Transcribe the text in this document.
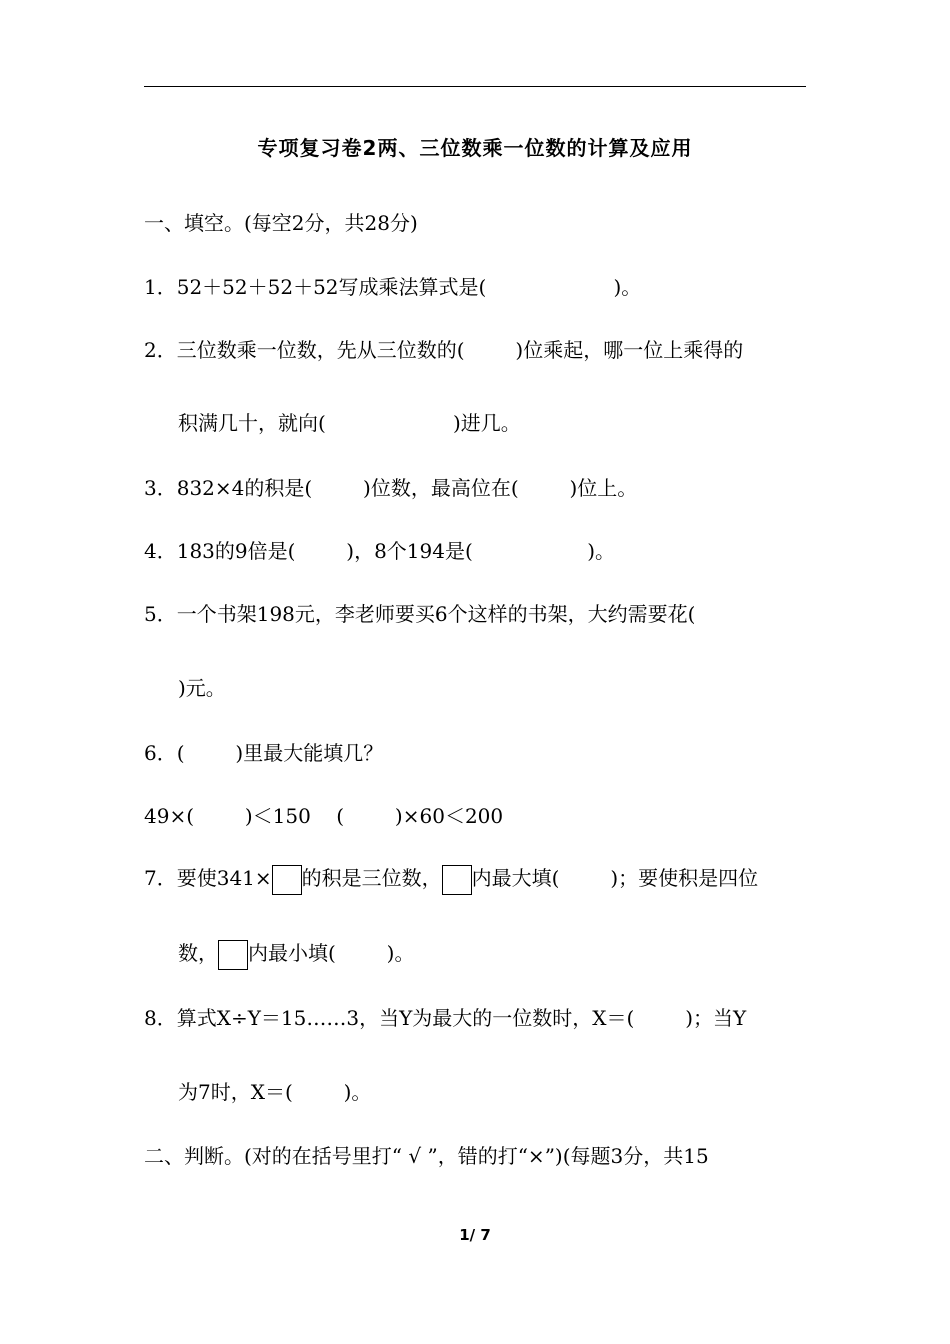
专项复习卷2两、三位数乘一位数的计算及应用
一、填空。(每空2分，共28分)
1．52＋52＋52＋52写成乘法算式是(                    )。
2．三位数乘一位数，先从三位数的(        )位乘起，哪一位上乘得的
积满几十，就向(                    )进几。
3．832×4的积是(        )位数，最高位在(        )位上。
4．183的9倍是(        )，8个194是(                  )。
5．一个书架198元，李老师要买6个这样的书架，大约需要花(
)元。
6．(        )里最大能填几？
49×(        )＜150    (        )×60＜200
7．要使341× 的积是三位数， 内最大填(        )；要使积是四位
数， 内最小填(        )。
8．算式X÷Y＝15……3，当Y为最大的一位数时，X＝(        )；当Y
为7时，X＝(        )。
二、判断。(对的在括号里打“ √ ”，错的打“×”)(每题3分，共15
1/ 7
